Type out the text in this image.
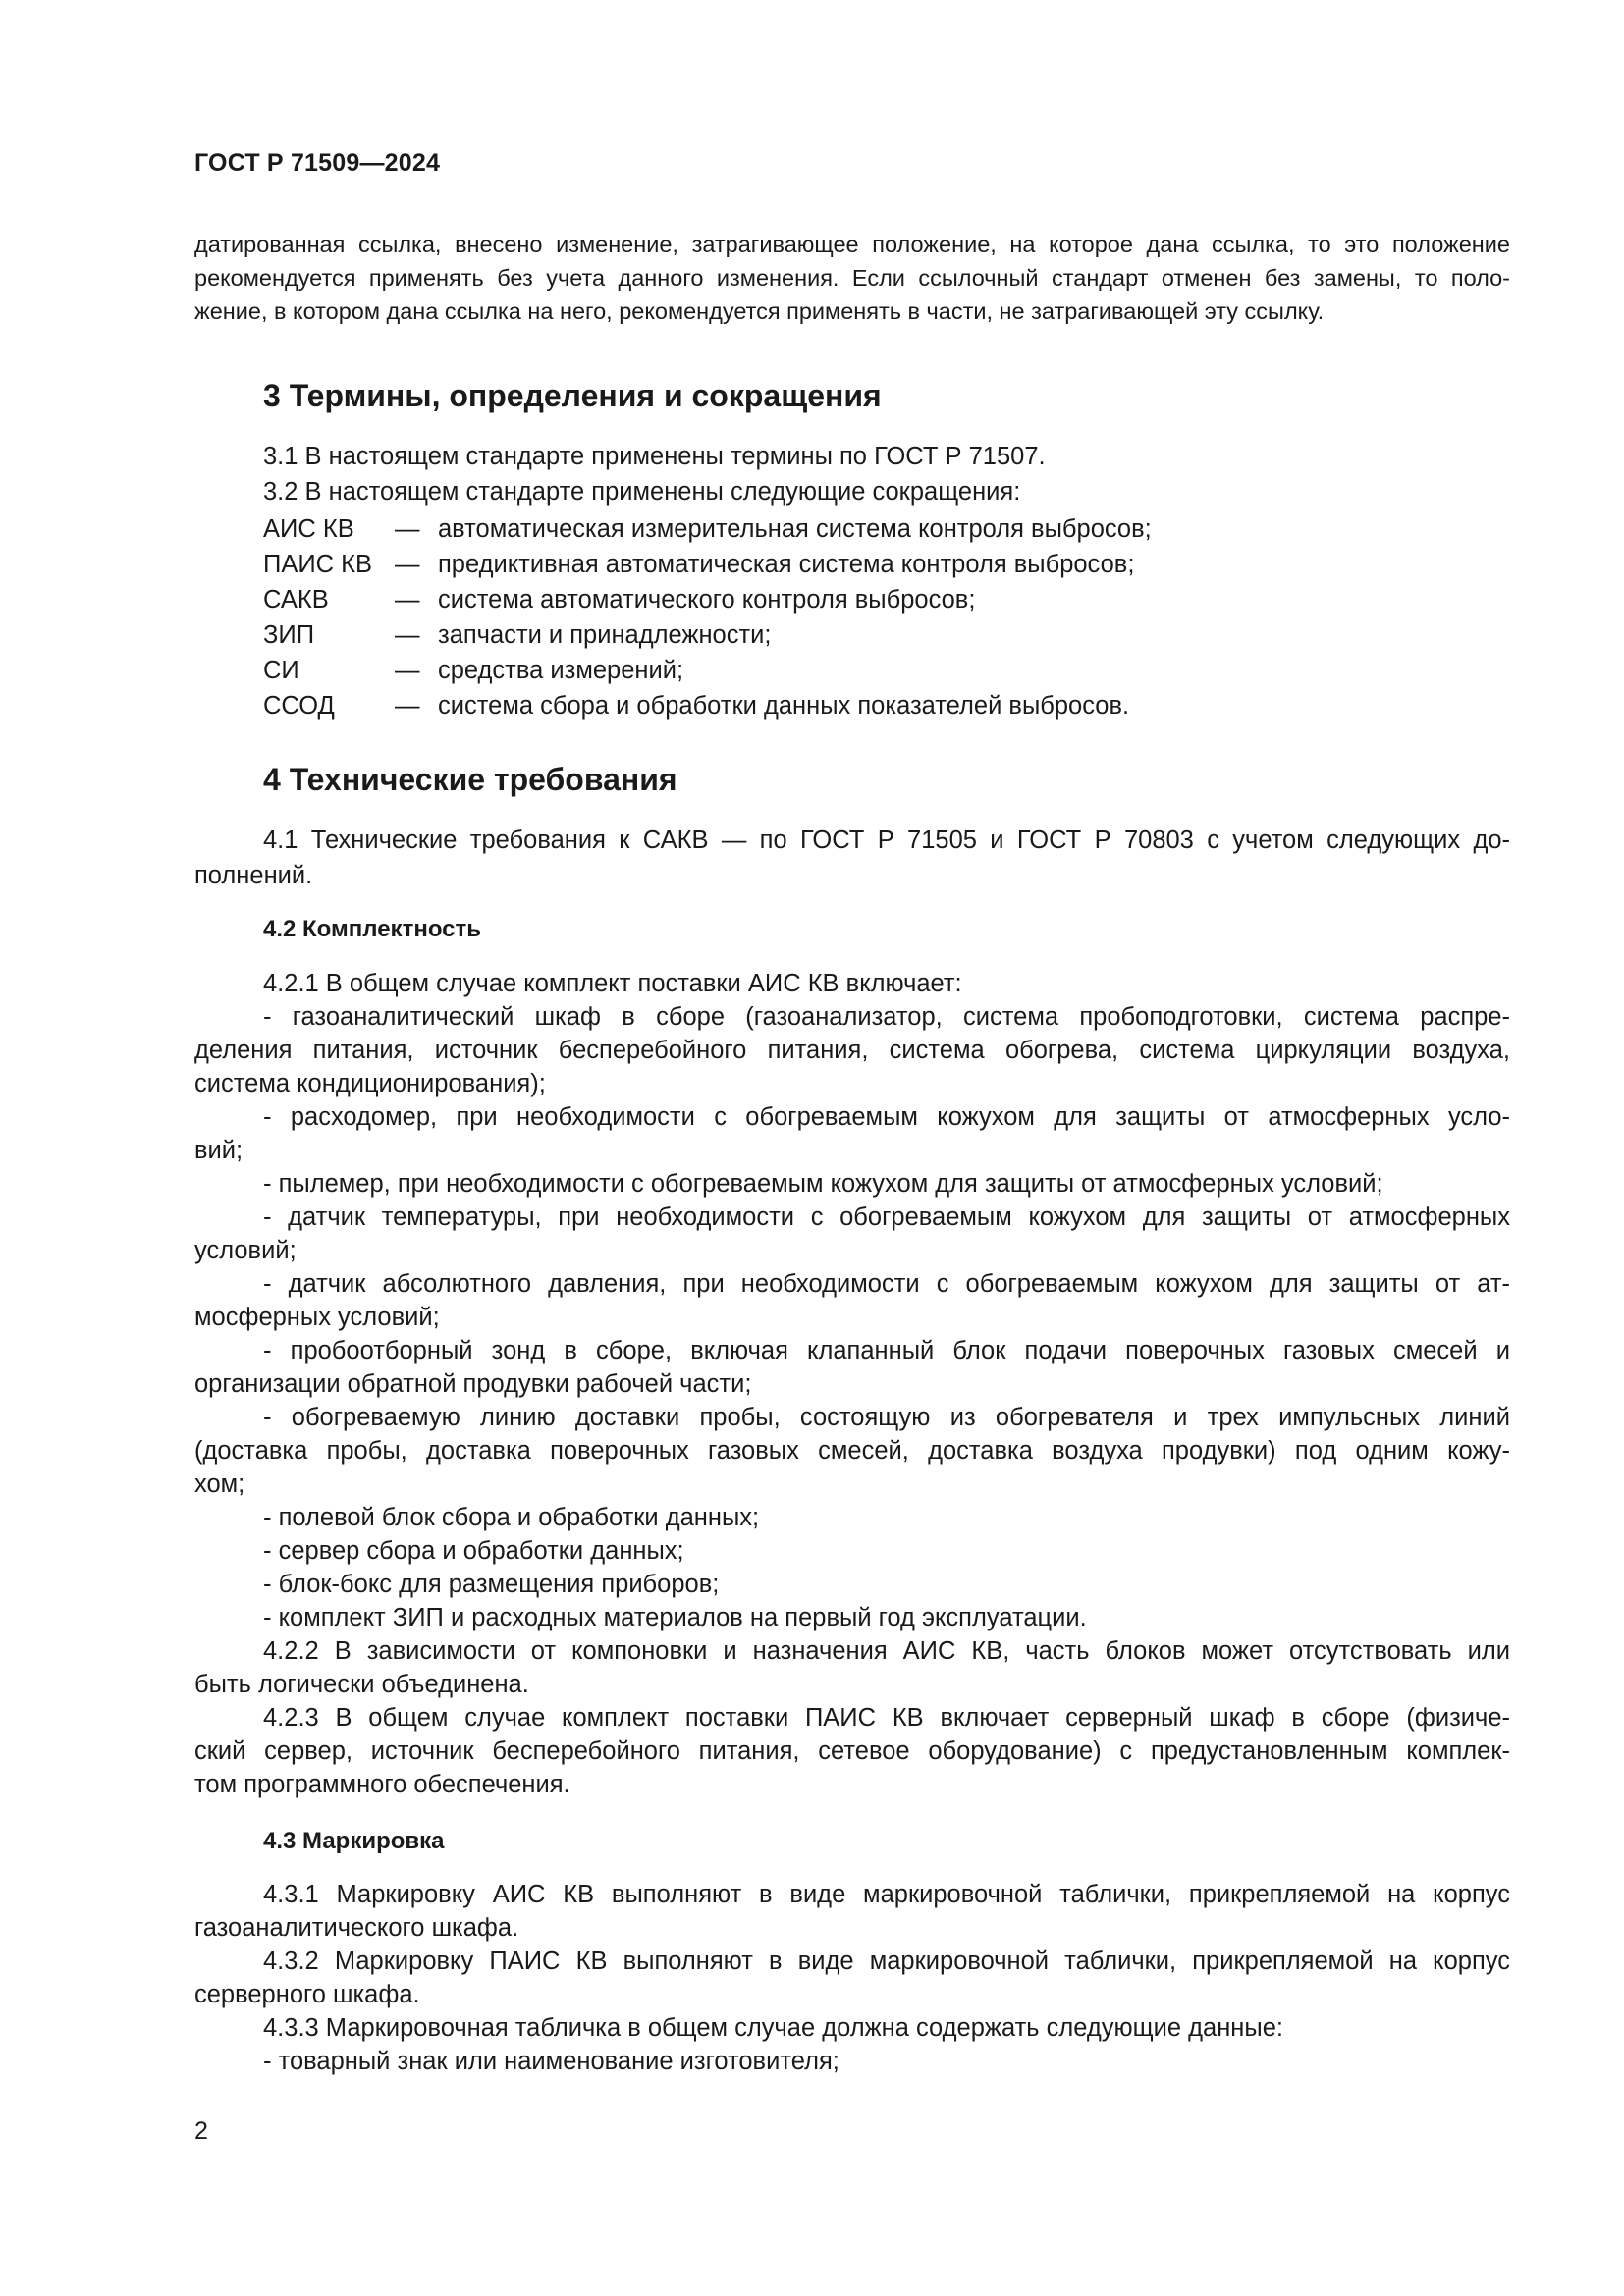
ГОСТ Р 71509—2024
датированная ссылка, внесено изменение, затрагивающее положение, на которое дана ссылка, то это положение
рекомендуется применять без учета данного изменения. Если ссылочный стандарт отменен без замены, то поло-
жение, в котором дана ссылка на него, рекомендуется применять в части, не затрагивающей эту ссылку.
3 Термины, определения и сокращения
3.1 В настоящем стандарте применены термины по ГОСТ Р 71507.
3.2 В настоящем стандарте применены следующие сокращения:
АИС КВ — автоматическая измерительная система контроля выбросов;
ПАИС КВ — предиктивная автоматическая система контроля выбросов;
САКВ	— система автоматического контроля выбросов;
ЗИП	— запчасти и принадлежности;
СИ	— средства измерений;
ССОД — система сбора и обработки данных показателей выбросов.
4 Технические требования
4.1 Технические требования к САКВ — по ГОСТ Р 71505 и ГОСТ Р 70803 с учетом следующих до-
полнений.
4.2 Комплектность
4.2.1 В общем случае комплект поставки АИС КВ включает:
- газоаналитический шкаф в сборе (газоанализатор, система пробоподготовки, система распре-
деления питания, источник бесперебойного питания, система обогрева, система циркуляции воздуха,
система кондиционирования);
- расходомер, при необходимости с обогреваемым кожухом для защиты от атмосферных усло-
вий;
- пылемер, при необходимости с обогреваемым кожухом для защиты от атмосферных условий;
- датчик температуры, при необходимости с обогреваемым кожухом для защиты от атмосферных
условий;
- датчик абсолютного давления, при необходимости с обогреваемым кожухом для защиты от ат-
мосферных условий;
- пробоотборный зонд в сборе, включая клапанный блок подачи поверочных газовых смесей и
организации обратной продувки рабочей части;
- обогреваемую линию доставки пробы, состоящую из обогревателя и трех импульсных линий
(доставка пробы, доставка поверочных газовых смесей, доставка воздуха продувки) под одним кожу-
хом;
- полевой блок сбора и обработки данных;
- сервер сбора и обработки данных;
- блок-бокс для размещения приборов;
- комплект ЗИП и расходных материалов на первый год эксплуатации.
4.2.2 В зависимости от компоновки и назначения АИС КВ, часть блоков может отсутствовать или
быть логически объединена.
4.2.3 В общем случае комплект поставки ПАИС КВ включает серверный шкаф в сборе (физиче-
ский сервер, источник бесперебойного питания, сетевое оборудование) с предустановленным комплек-
том программного обеспечения.
4.3 Маркировка
4.3.1 Маркировку АИС КВ выполняют в виде маркировочной таблички, прикрепляемой на корпус
газоаналитического шкафа.
4.3.2 Маркировку ПАИС КВ выполняют в виде маркировочной таблички, прикрепляемой на корпус
серверного шкафа.
4.3.3 Маркировочная табличка в общем случае должна содержать следующие данные:
- товарный знак или наименование изготовителя;
2
